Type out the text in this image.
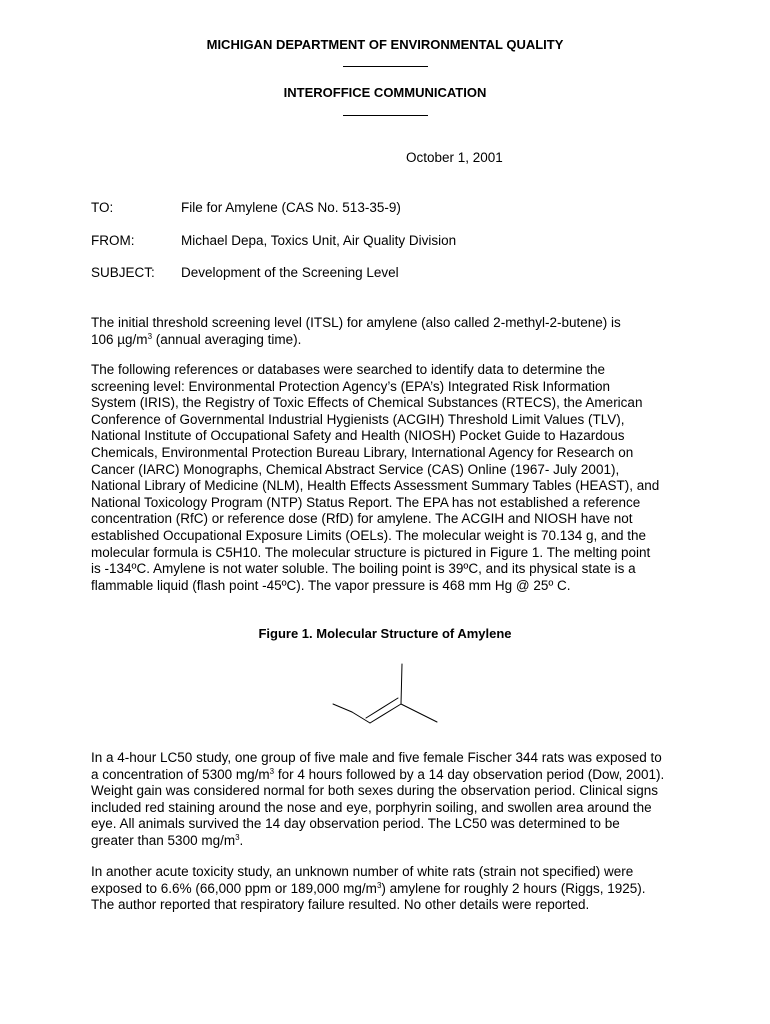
MICHIGAN DEPARTMENT OF ENVIRONMENTAL QUALITY
INTEROFFICE COMMUNICATION
October 1, 2001
TO:	File for Amylene (CAS No. 513-35-9)
FROM:	Michael Depa, Toxics Unit, Air Quality Division
SUBJECT: Development of the Screening Level
The initial threshold screening level (ITSL) for amylene (also called 2-methyl-2-butene) is
106 $\mu g/m^3$ (annual averaging time).
The following references or databases were searched to identify data to determine the
screening level: Environmental Protection Agency’s (EPA’s) Integrated Risk Information
System (IRIS), the Registry of Toxic Effects of Chemical Substances (RTECS), the American
Conference of Governmental Industrial Hygienists (ACGIH) Threshold Limit Values (TLV),
National Institute of Occupational Safety and Health (NIOSH) Pocket Guide to Hazardous
Chemicals, Environmental Protection Bureau Library, International Agency for Research on
Cancer (IARC) Monographs, Chemical Abstract Service (CAS) Online (1967- July 2001),
National Library of Medicine (NLM), Health Effects Assessment Summary Tables (HEAST), and
National Toxicology Program (NTP) Status Report. The EPA has not established a reference
concentration (RfC) or reference dose (RfD) for amylene. The ACGIH and NIOSH have not
established Occupational Exposure Limits (OELs). The molecular weight is 70.134 g, and the
molecular formula is C5H10. The molecular structure is pictured in Figure 1. The melting point
is -134ºC. Amylene is not water soluble. The boiling point is 39ºC, and its physical state is a
flammable liquid (flash point -45ºC). The vapor pressure is 468 mm Hg @ 25º C.
Figure 1. Molecular Structure of Amylene
In a 4-hour LC50 study, one group of five male and five female Fischer 344 rats was exposed to
a concentration of 5300 $mg/m^3$ for 4 hours followed by a 14 day observation period (Dow, 2001).
Weight gain was considered normal for both sexes during the observation period. Clinical signs
included red staining around the nose and eye, porphyrin soiling, and swollen area around the
eye. All animals survived the 14 day observation period. The LC50 was determined to be
greater than 5300 $mg/m^3$.
In another acute toxicity study, an unknown number of white rats (strain not specified) were
exposed to 6.6% (66,000 ppm or 189,000 $mg/m^3$) amylene for roughly 2 hours (Riggs, 1925).
The author reported that respiratory failure resulted. No other details were reported.
